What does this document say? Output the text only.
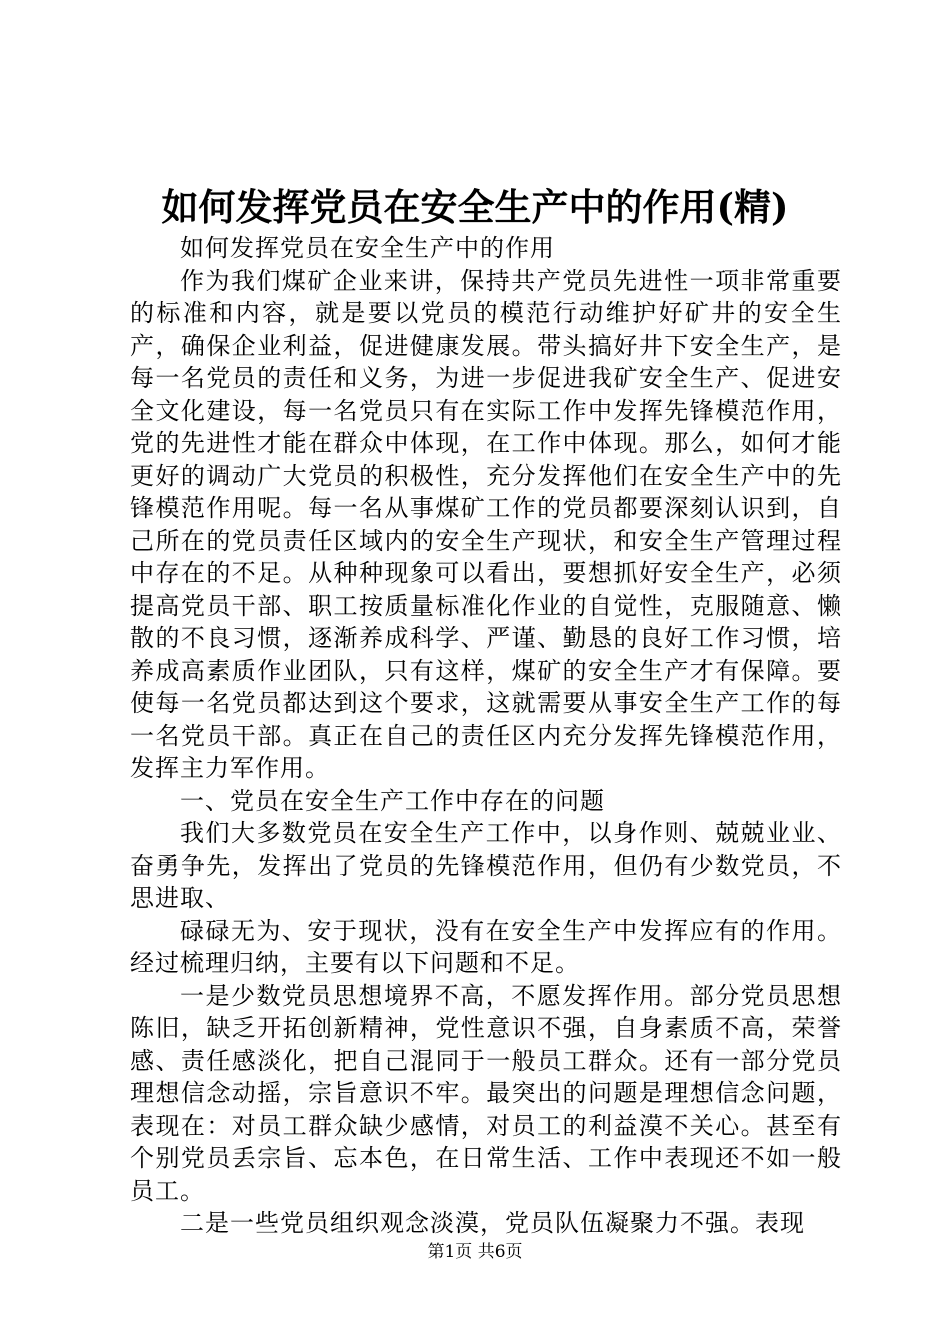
如何发挥党员在安全生产中的作用(精)

如何发挥党员在安全生产中的作用

作为我们煤矿企业来讲，保持共产党员先进性一项非常重要的标准和内容，就是要以党员的模范行动维护好矿井的安全生产，确保企业利益，促进健康发展。带头搞好井下安全生产，是每一名党员的责任和义务，为进一步促进我矿安全生产、促进安全文化建设，每一名党员只有在实际工作中发挥先锋模范作用，党的先进性才能在群众中体现，在工作中体现。那么，如何才能更好的调动广大党员的积极性，充分发挥他们在安全生产中的先锋模范作用呢。每一名从事煤矿工作的党员都要深刻认识到，自己所在的党员责任区域内的安全生产现状，和安全生产管理过程中存在的不足。从种种现象可以看出，要想抓好安全生产，必须提高党员干部、职工按质量标准化作业的自觉性，克服随意、懒散的不良习惯，逐渐养成科学、严谨、勤恳的良好工作习惯，培养成高素质作业团队，只有这样，煤矿的安全生产才有保障。要使每一名党员都达到这个要求，这就需要从事安全生产工作的每一名党员干部。真正在自己的责任区内充分发挥先锋模范作用，发挥主力军作用。

一、党员在安全生产工作中存在的问题

我们大多数党员在安全生产工作中，以身作则、兢兢业业、奋勇争先，发挥出了党员的先锋模范作用，但仍有少数党员，不思进取、

碌碌无为、安于现状，没有在安全生产中发挥应有的作用。经过梳理归纳，主要有以下问题和不足。

一是少数党员思想境界不高，不愿发挥作用。部分党员思想陈旧，缺乏开拓创新精神，党性意识不强，自身素质不高，荣誉感、责任感淡化，把自己混同于一般员工群众。还有一部分党员理想信念动摇，宗旨意识不牢。最突出的问题是理想信念问题，表现在：对员工群众缺少感情，对员工的利益漠不关心。甚至有个别党员丢宗旨、忘本色，在日常生活、工作中表现还不如一般员工。

二是一些党员组织观念淡漠，党员队伍凝聚力不强。表现

第1页 共6页
